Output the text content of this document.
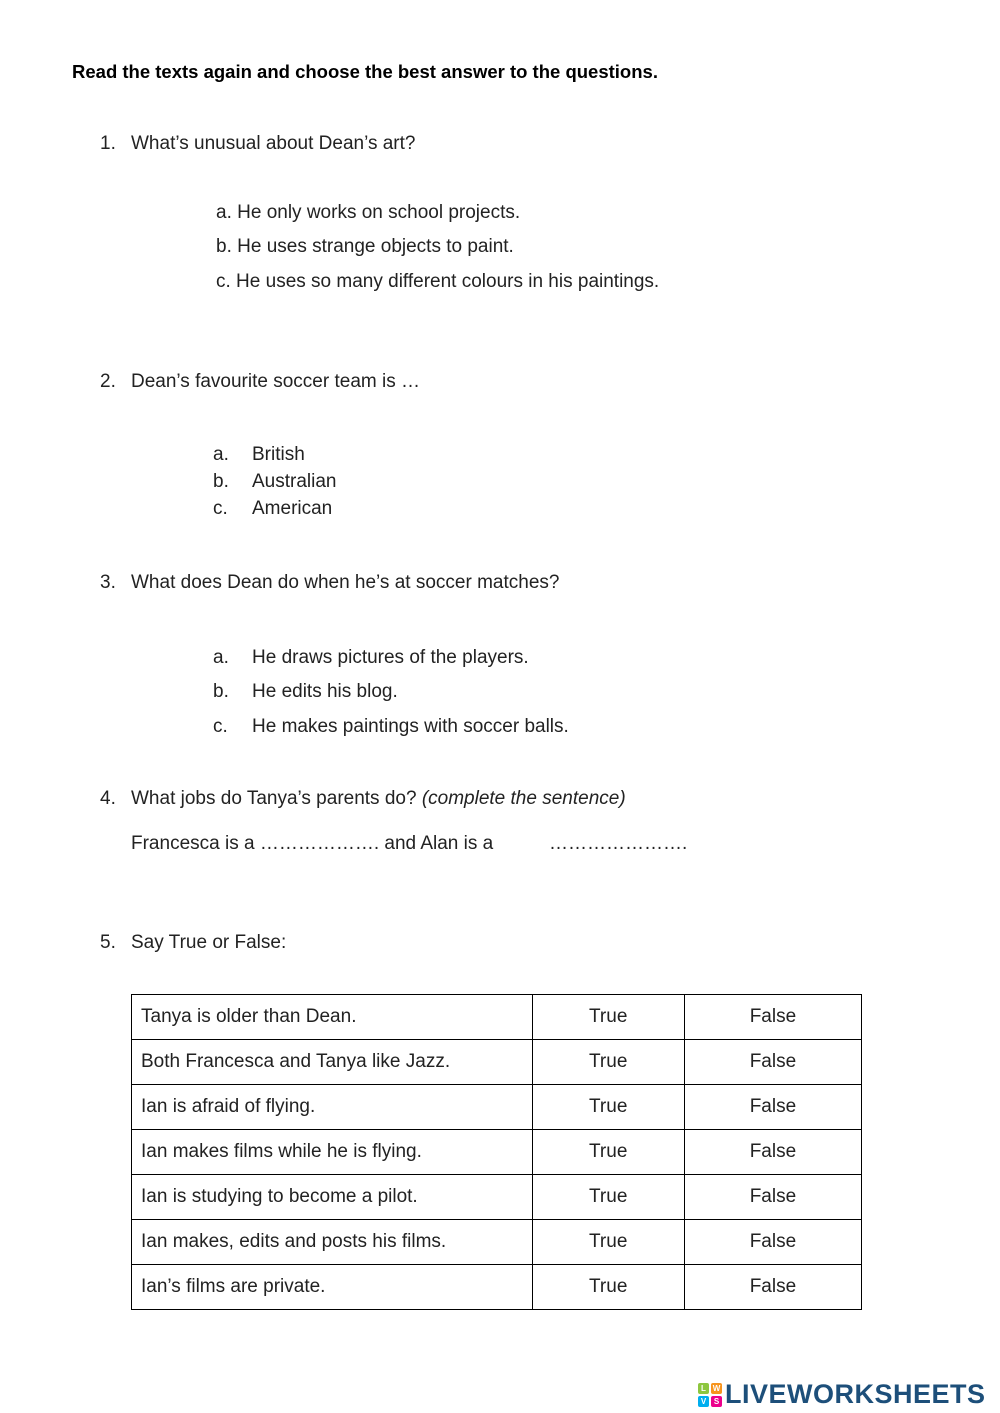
Read the texts again and choose the best answer to the questions.
1. What’s unusual about Dean’s art?
a. He only works on school projects.
b. He uses strange objects to paint.
c. He uses so many different colours in his paintings.
2. Dean’s favourite soccer team is …
a. British
b. Australian
c. American
3. What does Dean do when he’s at soccer matches?
a. He draws pictures of the players.
b. He edits his blog.
c. He makes paintings with soccer balls.
4. What jobs do Tanya’s parents do? (complete the sentence)
Francesca is a ………………. and Alan is a	………………….
5. Say True or False:
Tanya is older than Dean.	True	False
Both Francesca and Tanya like Jazz.	True	False
Ian is afraid of flying.	True	False
Ian makes films while he is flying.	True	False
Ian is studying to become a pilot.	True	False
Ian makes, edits and posts his films.	True	False
Ian’s films are private.	True	False
L W
V S LIVEWORKSHEETS
